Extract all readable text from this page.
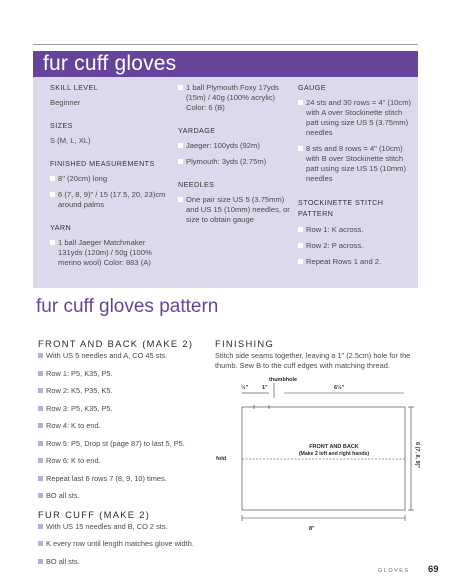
fur cuff gloves
SKILL LEVEL
Beginner
SIZES
S (M, L, XL)
FINISHED MEASUREMENTS
8" (20cm) long
6 (7, 8, 9)" / 15 (17.5, 20, 23)cm around palms
YARN
1 ball Jaeger Matchmaker 131yds (120m) / 50g (100% merino wool) Color: 883 (A)
1 ball Plymouth Foxy 17yds (15m) / 40g (100% acrylic) Color: 6 (B)
YARDAGE
Jaeger: 100yds (92m)
Plymouth: 3yds (2.75m)
NEEDLES
One pair size US 5 (3.75mm) and US 15 (10mm) needles, or size to obtain gauge
GAUGE
24 sts and 30 rows = 4" (10cm) with A over Stockinette stitch patt using size US 5 (3.75mm) needles
8 sts and 8 rows = 4" (10cm) with B over Stockinette stitch patt using size US 15 (10mm) needles
STOCKINETTE STITCH PATTERN
Row 1: K across.
Row 2: P across.
Repeat Rows 1 and 2.
fur cuff gloves pattern
FRONT AND BACK (MAKE 2)
With US 5 needles and A, CO 45 sts.
Row 1: P5, K35, P5.
Row 2: K5, P35, K5.
Row 3: P5, K35, P5.
Row 4: K to end.
Row 5: P5, Drop st (page 87) to last 5, P5.
Row 6: K to end.
Repeat last 6 rows 7 (8, 9, 10) times.
BO all sts.
FUR CUFF (MAKE 2)
With US 15 needles and B, CO 2 sts.
K every row until length matches glove width.
BO all sts.
FINISHING
Stitch side seams together, leaving a 1" (2.5cm) hole for the thumb. Sew B to the cuff edges with matching thread.
thumbhole
½"	1"	6½"
FRONT AND BACK
(Make 2 left and right hands)
fold
8"
6 (7, 8, 9)"
GLOVES 69
